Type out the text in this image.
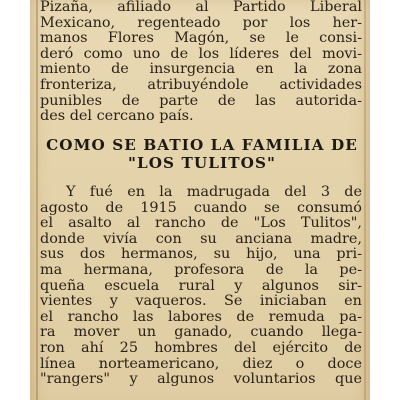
Pizaña, afiliado al Partido Liberal
Mexicano, regenteado por los her-
manos Flores Magón, se le consi-
deró como uno de los líderes del movi-
miento de insurgencia en la zona
fronteriza, atribuyéndole actividades
punibles de parte de las autorida-
des del cercano país.
COMO SE BATIO LA FAMILIA DE
"LOS TULITOS"
Y fué en la madrugada del 3 de
agosto de 1915 cuando se consumó
el asalto al rancho de "Los Tulitos",
donde vivía con su anciana madre,
sus dos hermanos, su hijo, una pri-
ma hermana, profesora de la pe-
queña escuela rural y algunos sir-
vientes y vaqueros. Se iniciaban en
el rancho las labores de remuda pa-
ra mover un ganado, cuando llega-
ron ahí 25 hombres del ejército de
línea norteamericano, diez o doce
"rangers" y algunos voluntarios que
